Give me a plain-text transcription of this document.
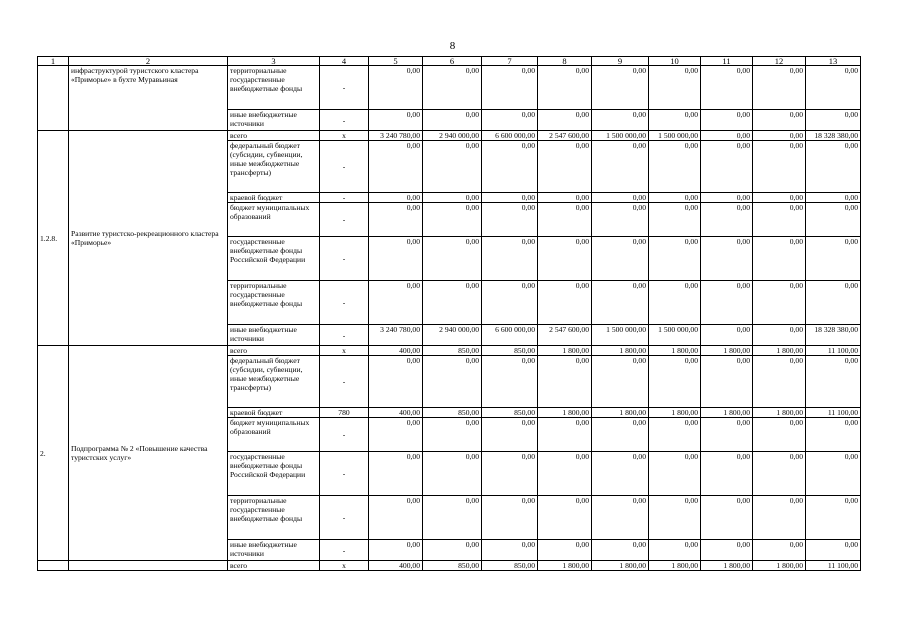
8
1	2	3	4	5	6	7	8	9	10	11	12	13
	инфраструктурой туристского кластера «Приморье» в бухте Муравьиная	территориальные государственные внебюджетные фонды	-	0,00	0,00	0,00	0,00	0,00	0,00	0,00	0,00	0,00
		иные внебюджетные источники	-	0,00	0,00	0,00	0,00	0,00	0,00	0,00	0,00	0,00
1.2.8.	Развитие туристско-рекреационного кластера «Приморье»	всего	х	3 240 780,00	2 940 000,00	6 600 000,00	2 547 600,00	1 500 000,00	1 500 000,00	0,00	0,00	18 328 380,00
		федеральный бюджет (субсидии, субвенции, иные межбюджетные трансферты)	-	0,00	0,00	0,00	0,00	0,00	0,00	0,00	0,00	0,00
		краевой бюджет	-	0,00	0,00	0,00	0,00	0,00	0,00	0,00	0,00	0,00
		бюджет муниципальных образований	-	0,00	0,00	0,00	0,00	0,00	0,00	0,00	0,00	0,00
		государственные внебюджетные фонды Российской Федерации	-	0,00	0,00	0,00	0,00	0,00	0,00	0,00	0,00	0,00
		территориальные государственные внебюджетные фонды	-	0,00	0,00	0,00	0,00	0,00	0,00	0,00	0,00	0,00
		иные внебюджетные источники	-	3 240 780,00	2 940 000,00	6 600 000,00	2 547 600,00	1 500 000,00	1 500 000,00	0,00	0,00	18 328 380,00
2.	Подпрограмма № 2 «Повышение качества туристских услуг»	всего	х	400,00	850,00	850,00	1 800,00	1 800,00	1 800,00	1 800,00	1 800,00	11 100,00
		федеральный бюджет (субсидии, субвенции, иные межбюджетные трансферты)	-	0,00	0,00	0,00	0,00	0,00	0,00	0,00	0,00	0,00
		краевой бюджет	780	400,00	850,00	850,00	1 800,00	1 800,00	1 800,00	1 800,00	1 800,00	11 100,00
		бюджет муниципальных образований	-	0,00	0,00	0,00	0,00	0,00	0,00	0,00	0,00	0,00
		государственные внебюджетные фонды Российской Федерации	-	0,00	0,00	0,00	0,00	0,00	0,00	0,00	0,00	0,00
		территориальные государственные внебюджетные фонды	-	0,00	0,00	0,00	0,00	0,00	0,00	0,00	0,00	0,00
		иные внебюджетные источники	-	0,00	0,00	0,00	0,00	0,00	0,00	0,00	0,00	0,00
		всего	х	400,00	850,00	850,00	1 800,00	1 800,00	1 800,00	1 800,00	1 800,00	11 100,00
